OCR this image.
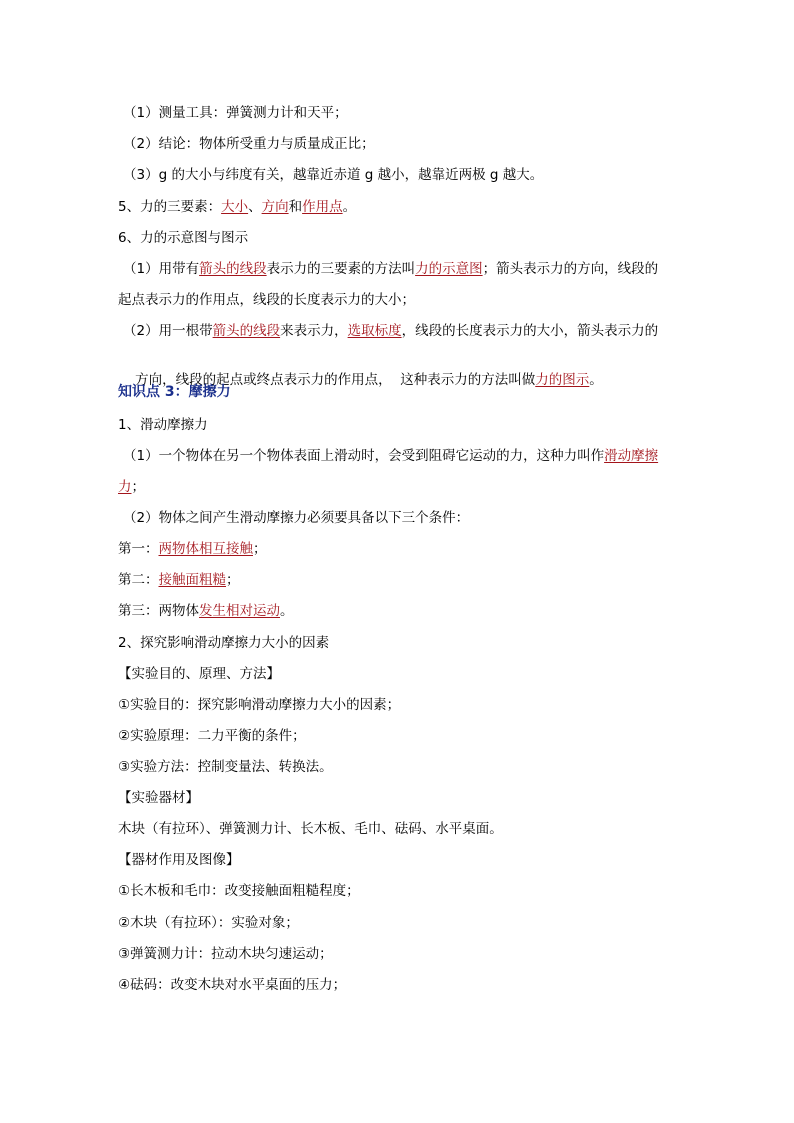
（1）测量工具：弹簧测力计和天平；
（2）结论：物体所受重力与质量成正比；
（3）g 的大小与纬度有关，越靠近赤道 g 越小，越靠近两极 g 越大。
5、力的三要素：大小、方向和作用点。
6、力的示意图与图示
（1）用带有箭头的线段表示力的三要素的方法叫力的示意图；箭头表示力的方向，线段的
起点表示力的作用点，线段的长度表示力的大小；
（2）用一根带箭头的线段来表示力，选取标度，线段的长度表示力的大小，箭头表示力的

方向，线段的起点或终点表示力的作用点，  这种表示力的方法叫做力的图示。

知识点 3：摩擦力
1、滑动摩擦力
（1）一个物体在另一个物体表面上滑动时，会受到阻碍它运动的力，这种力叫作滑动摩擦
力；
（2）物体之间产生滑动摩擦力必须要具备以下三个条件：
第一：两物体相互接触；
第二：接触面粗糙；
第三：两物体发生相对运动。
2、探究影响滑动摩擦力大小的因素
【实验目的、原理、方法】
①实验目的：探究影响滑动摩擦力大小的因素；
②实验原理：二力平衡的条件；
③实验方法：控制变量法、转换法。
【实验器材】
木块（有拉环）、弹簧测力计、长木板、毛巾、砝码、水平桌面。
【器材作用及图像】
①长木板和毛巾：改变接触面粗糙程度；
②木块（有拉环）：实验对象；
③弹簧测力计：拉动木块匀速运动；
④砝码：改变木块对水平桌面的压力；
